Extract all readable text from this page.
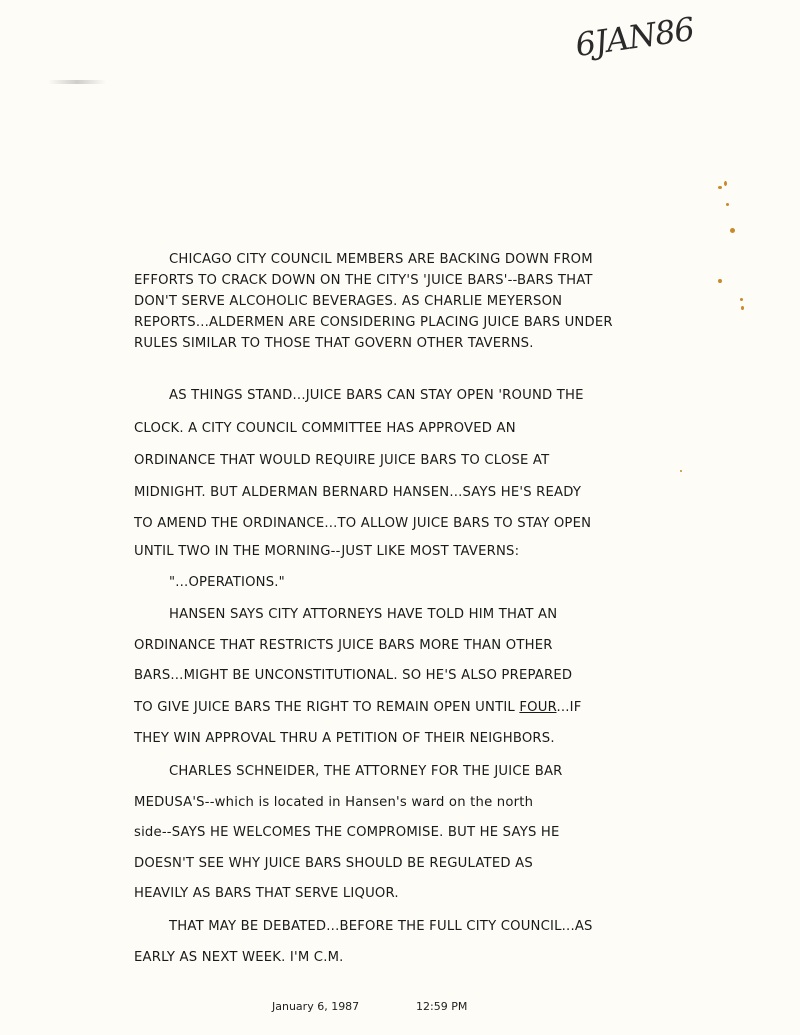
6JAN86

CHICAGO CITY COUNCIL MEMBERS ARE BACKING DOWN FROM EFFORTS TO CRACK DOWN ON THE CITY'S 'JUICE BARS'--BARS THAT DON'T SERVE ALCOHOLIC BEVERAGES. AS CHARLIE MEYERSON REPORTS...ALDERMEN ARE CONSIDERING PLACING JUICE BARS UNDER RULES SIMILAR TO THOSE THAT GOVERN OTHER TAVERNS.

AS THINGS STAND...JUICE BARS CAN STAY OPEN 'ROUND THE
CLOCK. A CITY COUNCIL COMMITTEE HAS APPROVED AN
ORDINANCE THAT WOULD REQUIRE JUICE BARS TO CLOSE AT
MIDNIGHT. BUT ALDERMAN BERNARD HANSEN...SAYS HE'S READY
TO AMEND THE ORDINANCE...TO ALLOW JUICE BARS TO STAY OPEN
UNTIL TWO IN THE MORNING--JUST LIKE MOST TAVERNS:
"...OPERATIONS."
HANSEN SAYS CITY ATTORNEYS HAVE TOLD HIM THAT AN
ORDINANCE THAT RESTRICTS JUICE BARS MORE THAN OTHER
BARS...MIGHT BE UNCONSTITUTIONAL. SO HE'S ALSO PREPARED
TO GIVE JUICE BARS THE RIGHT TO REMAIN OPEN UNTIL FOUR...IF
THEY WIN APPROVAL THRU A PETITION OF THEIR NEIGHBORS.
CHARLES SCHNEIDER, THE ATTORNEY FOR THE JUICE BAR
MEDUSA'S--which is located in Hansen's ward on the north
side--SAYS HE WELCOMES THE COMPROMISE. BUT HE SAYS HE
DOESN'T SEE WHY JUICE BARS SHOULD BE REGULATED AS
HEAVILY AS BARS THAT SERVE LIQUOR.
THAT MAY BE DEBATED...BEFORE THE FULL CITY COUNCIL...AS
EARLY AS NEXT WEEK. I'M C.M.
January 6, 1987	12:59 PM
